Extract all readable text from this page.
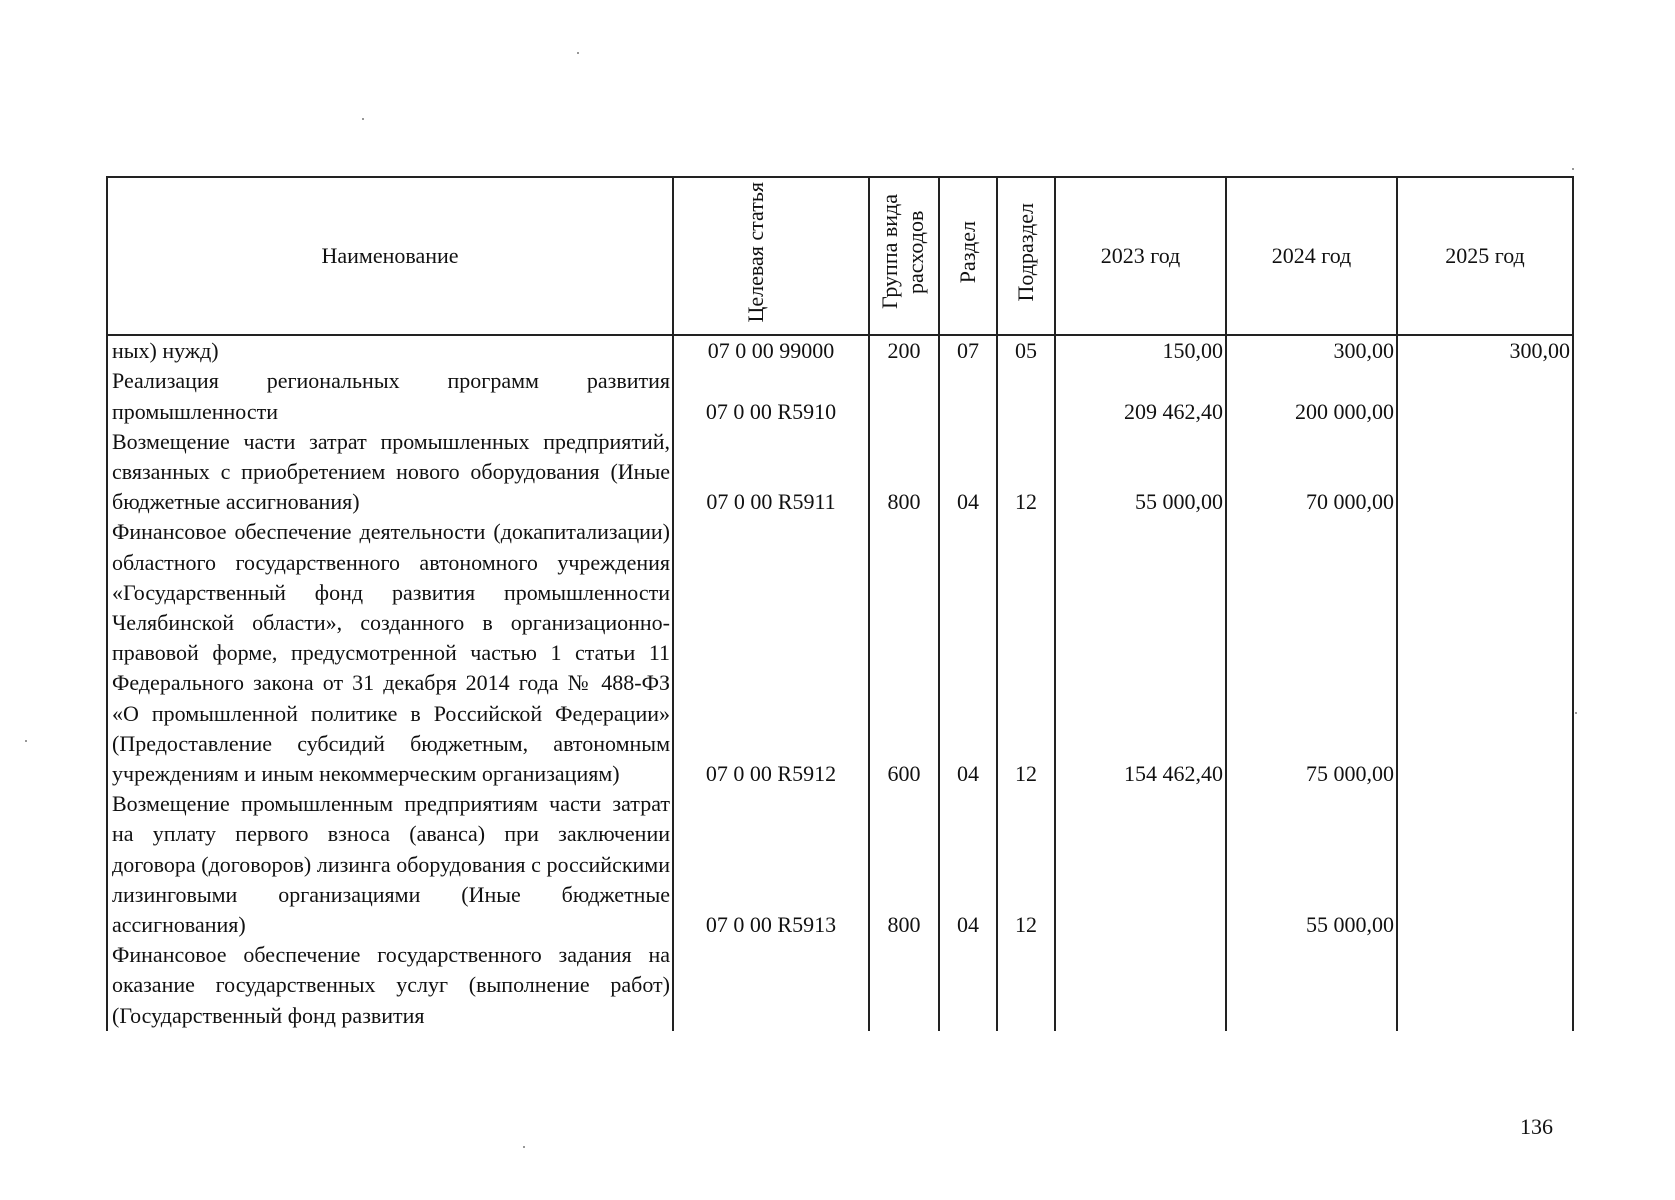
Наименование	Целевая статья	Группа вида расходов	Раздел	Подраздел	2023 год	2024 год	2025 год
ных) нужд)	07 0 00 99000	200	07	05	150,00	300,00	300,00
Реализация региональных программ развития промышленности	07 0 00 R5910				209 462,40	200 000,00	
Возмещение части затрат промышленных предприятий, связанных с приобретением нового оборудования (Иные бюджетные ассигнования)	07 0 00 R5911	800	04	12	55 000,00	70 000,00	
Финансовое обеспечение деятельности (докапитализации) областного государственного автономного учреждения «Государственный фонд развития промышленности Челябинской области», созданного в организационно-правовой форме, предусмотренной частью 1 статьи 11 Федерального закона от 31 декабря 2014 года № 488-ФЗ «О промышленной политике в Российской Федерации» (Предоставление субсидий бюджетным, автономным учреждениям и иным некоммерческим организациям)	07 0 00 R5912	600	04	12	154 462,40	75 000,00	
Возмещение промышленным предприятиям части затрат на уплату первого взноса (аванса) при заключении договора (договоров) лизинга оборудования с российскими лизинговыми организациями (Иные бюджетные ассигнования)	07 0 00 R5913	800	04	12		55 000,00	
Финансовое обеспечение государственного задания на оказание государственных услуг (выполнение работ) (Государственный фонд развития							
136
